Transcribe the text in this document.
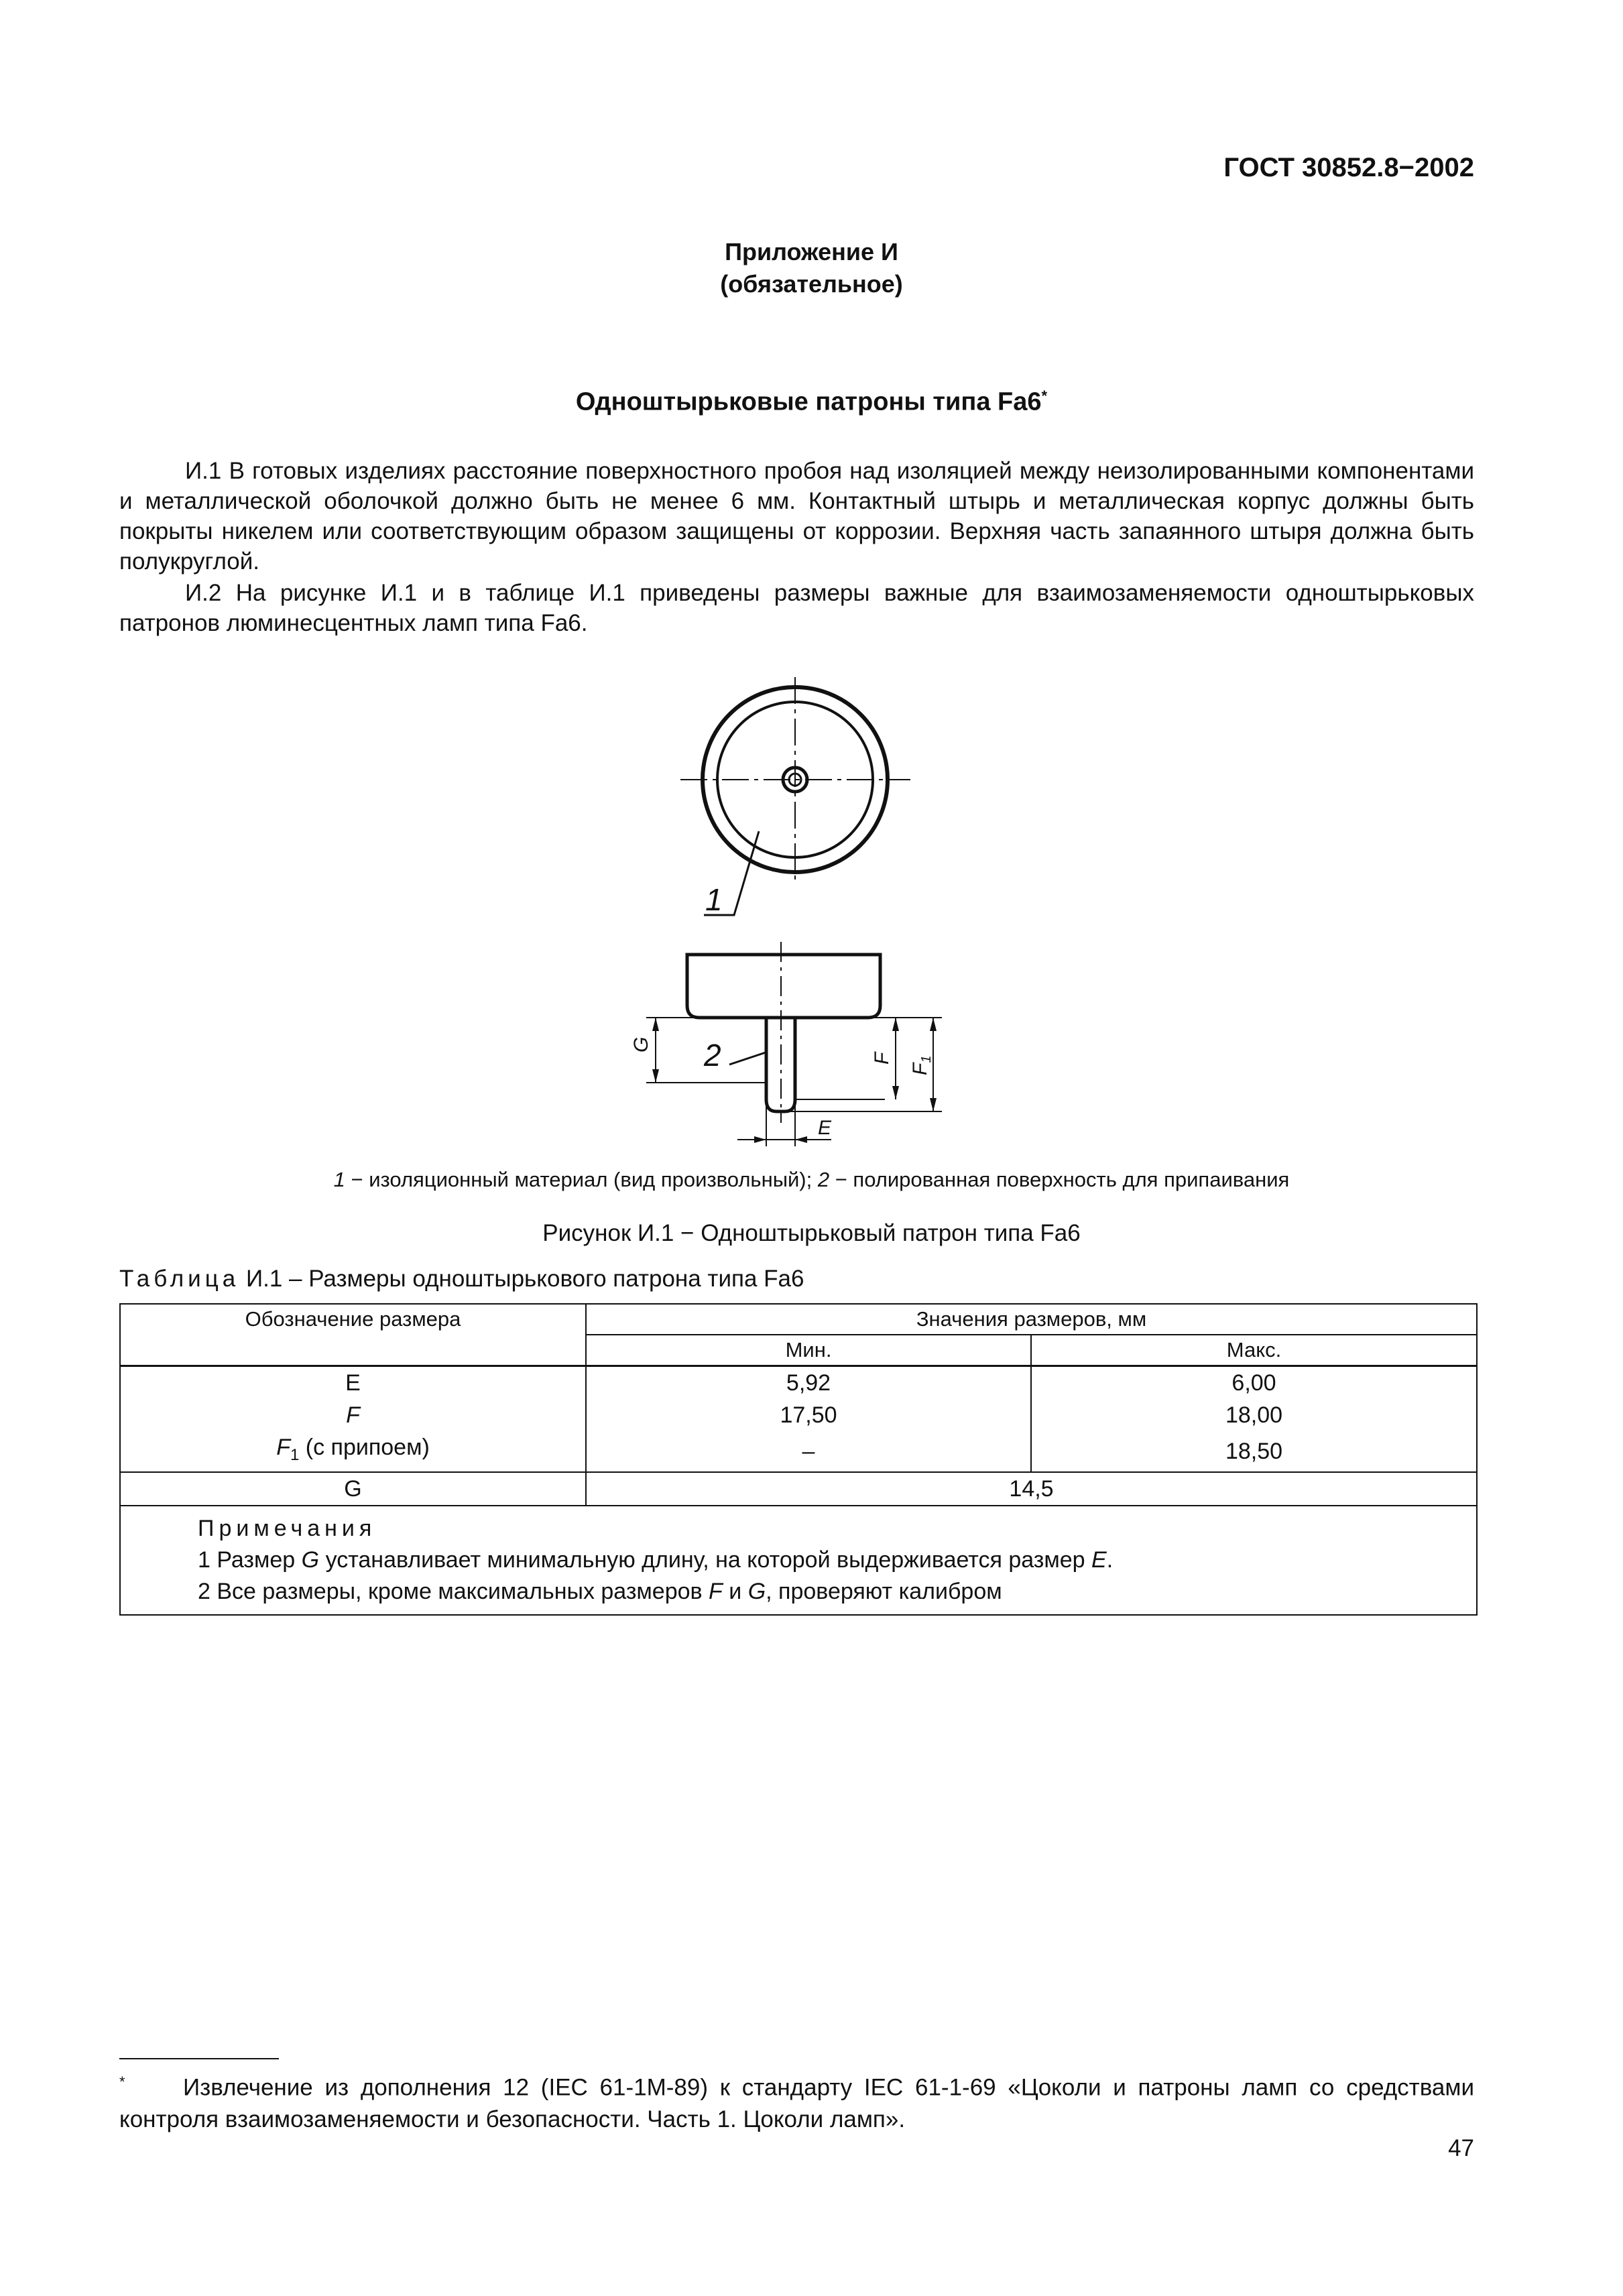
ГОСТ 30852.8−2002
Приложение И
(обязательное)
Одноштырьковые патроны типа Fa6*
И.1 В готовых изделиях расстояние поверхностного пробоя над изоляцией между неизолированными компонентами и металлической оболочкой должно быть не менее 6 мм. Контактный штырь и металлическая корпус должны быть покрыты никелем или соответствующим образом защищены от коррозии. Верхняя часть запаянного штыря должна быть полукруглой.
И.2 На рисунке И.1 и в таблице И.1 приведены размеры важные для взаимозаменяемости одноштырьковых патронов люминесцентных ламп типа Fa6.
1
2
G
F
$F_1$
E
1 − изоляционный материал (вид произвольный); 2 − полированная поверхность для припаивания
Рисунок И.1 − Одноштырьковый патрон типа Fa6
Таблица И.1 – Размеры одноштырькового патрона типа Fa6
Обозначение размера	Значения размеров, мм	
	Мин.	Макс.
E	5,92	6,00
F	17,50	18,00
$F_1$ (с припоем)	–	18,50
G	14,5	

Примечания
1 Размер G устанавливает минимальную длину, на которой выдерживается размер E.
2 Все размеры, кроме максимальных размеров F и G, проверяют калибром		
* Извлечение из дополнения 12 (IEC 61-1M-89) к стандарту IEC 61-1-69 «Цоколи и патроны ламп со средствами контроля взаимозаменяемости и безопасности. Часть 1. Цоколи ламп».
47
